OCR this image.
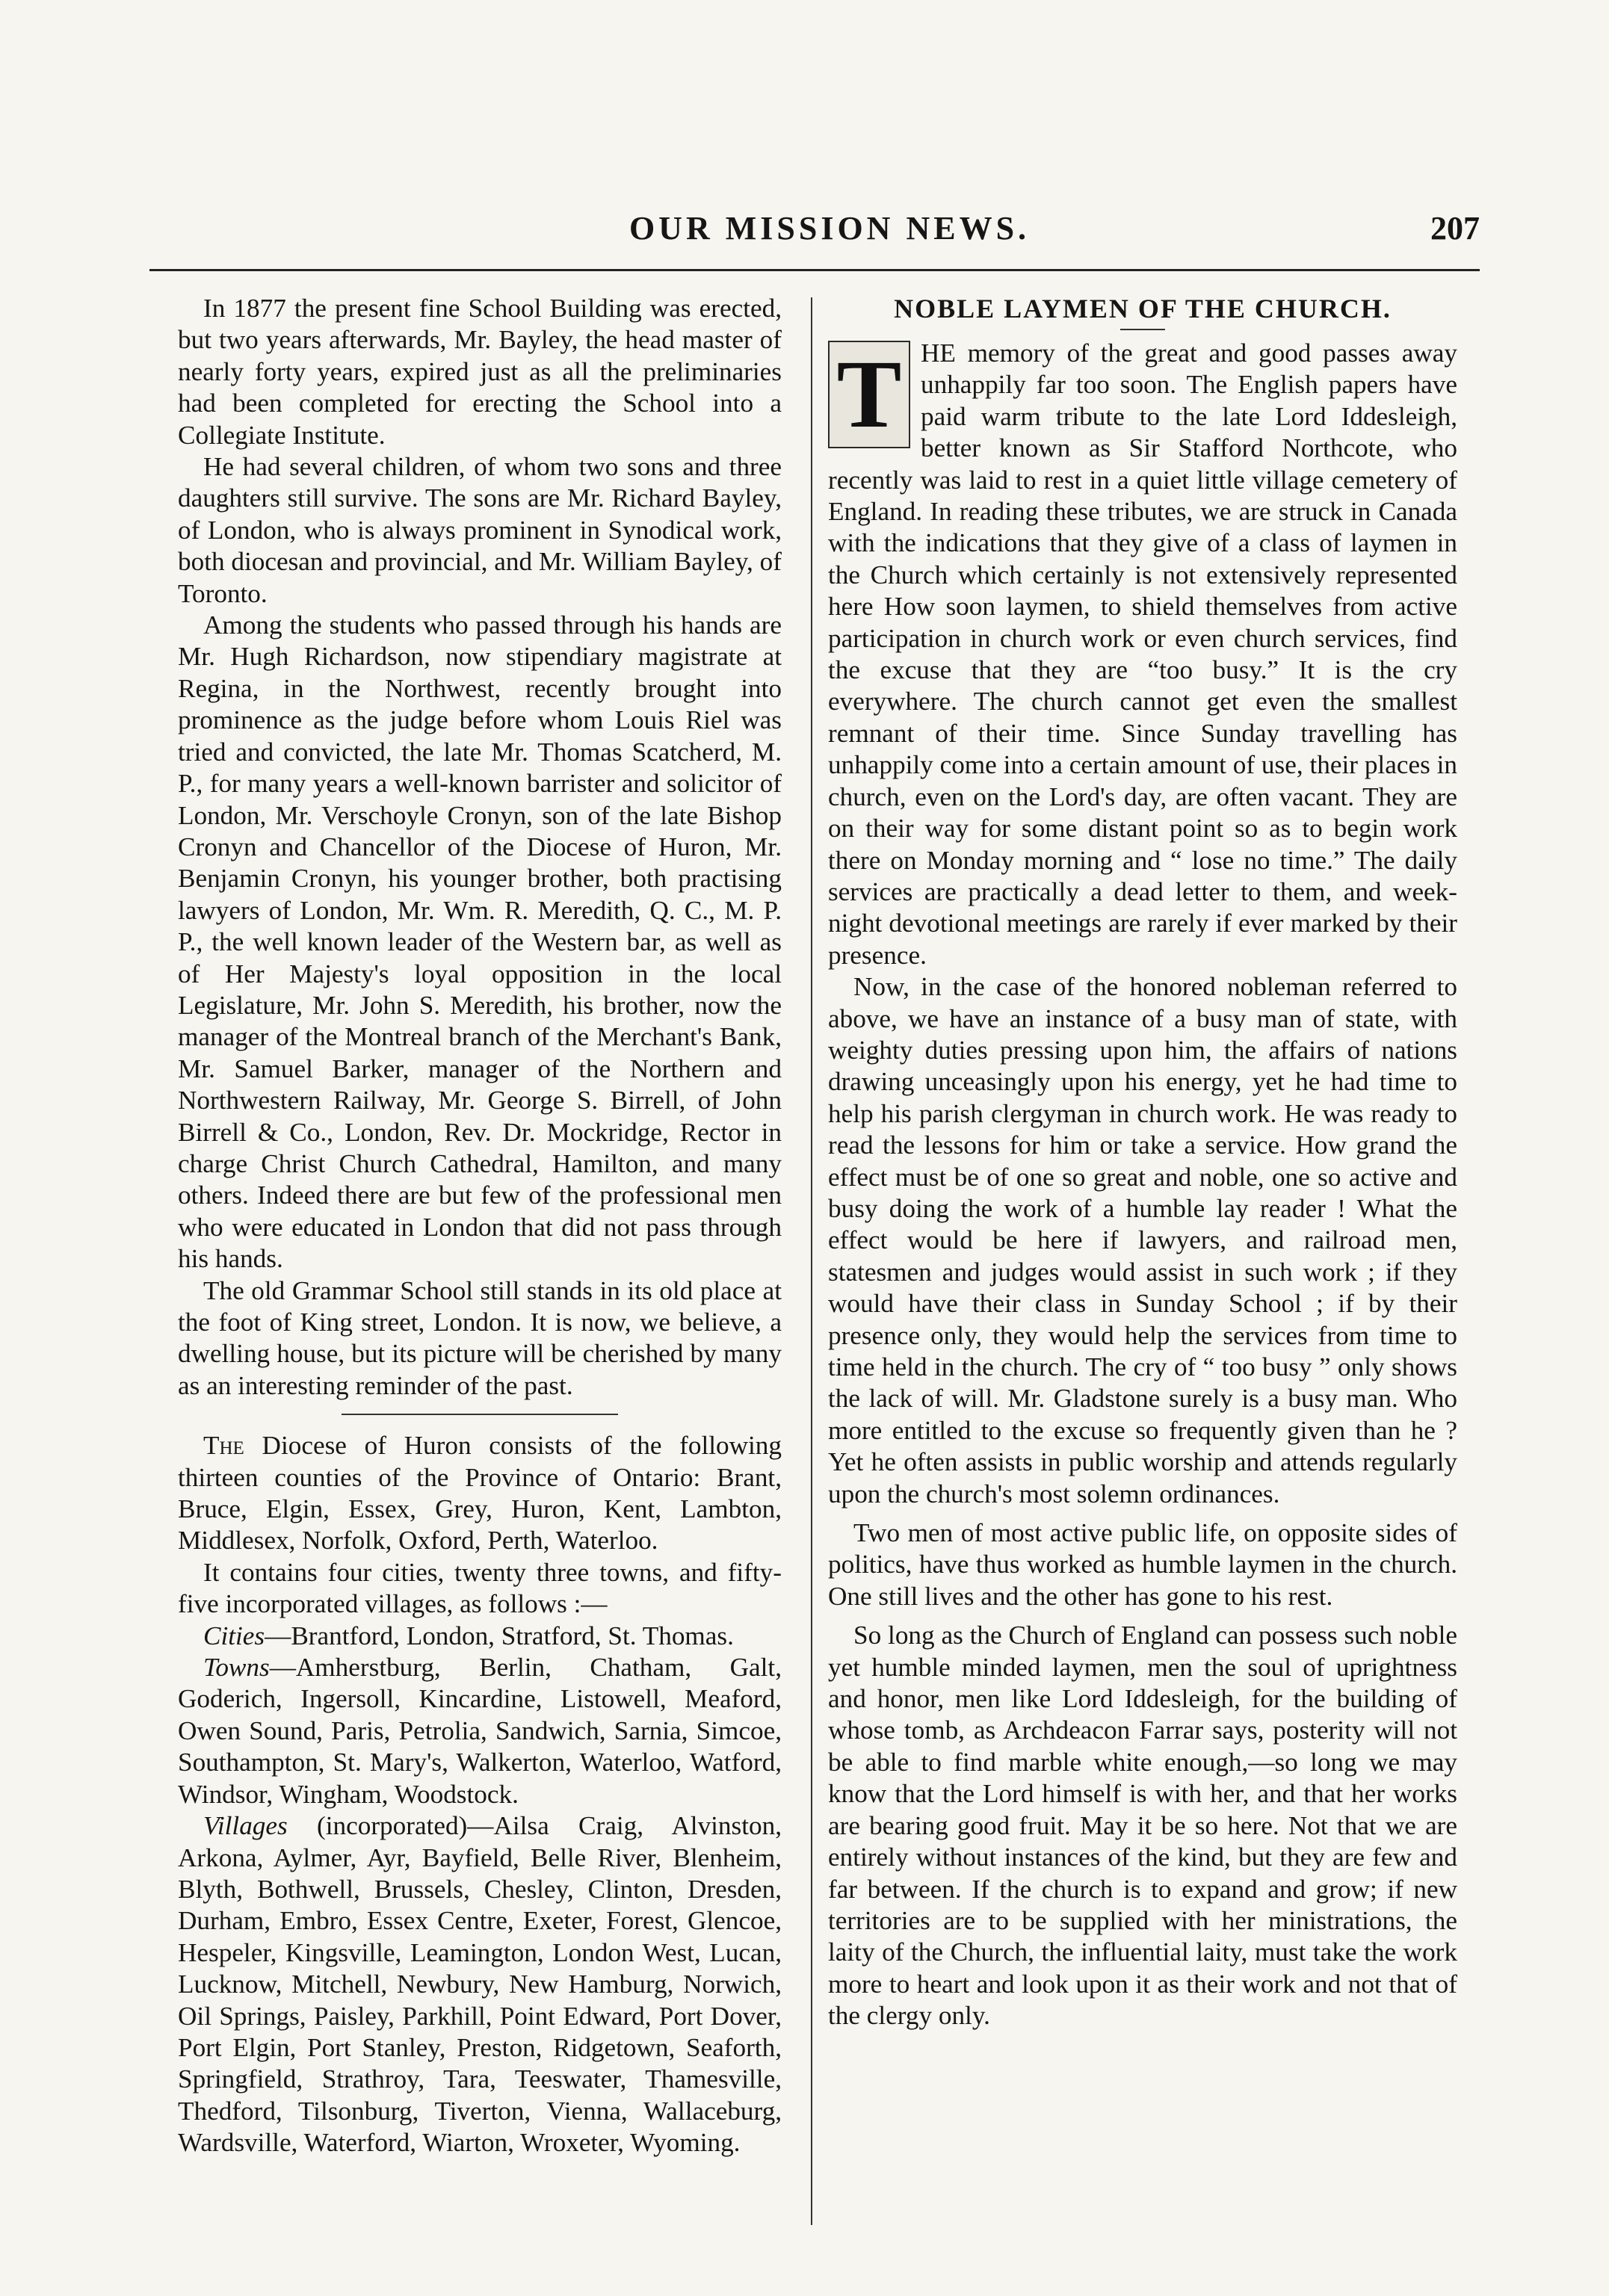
OUR MISSION NEWS.	207

In 1877 the present fine School Building was erected, but two years afterwards, Mr. Bayley, the head master of nearly forty years, expired just as all the preliminaries had been completed for erecting the School into a Collegiate Institute.

He had several children, of whom two sons and three daughters still survive. The sons are Mr. Richard Bayley, of London, who is always prominent in Synodical work, both diocesan and provincial, and Mr. William Bayley, of Toronto.

Among the students who passed through his hands are Mr. Hugh Richardson, now stipendiary magistrate at Regina, in the Northwest, recently brought into prominence as the judge before whom Louis Riel was tried and convicted, the late Mr. Thomas Scatcherd, M. P., for many years a well-known barrister and solicitor of London, Mr. Verschoyle Cronyn, son of the late Bishop Cronyn and Chancellor of the Diocese of Huron, Mr. Benjamin Cronyn, his younger brother, both practising lawyers of London, Mr. Wm. R. Meredith, Q. C., M. P. P., the well known leader of the Western bar, as well as of Her Majesty's loyal opposition in the local Legislature, Mr. John S. Meredith, his brother, now the manager of the Montreal branch of the Merchant's Bank, Mr. Samuel Barker, manager of the Northern and Northwestern Railway, Mr. George S. Birrell, of John Birrell & Co., London, Rev. Dr. Mockridge, Rector in charge Christ Church Cathedral, Hamilton, and many others. Indeed there are but few of the professional men who were educated in London that did not pass through his hands.

The old Grammar School still stands in its old place at the foot of King street, London. It is now, we believe, a dwelling house, but its picture will be cherished by many as an interesting reminder of the past.

The Diocese of Huron consists of the following thirteen counties of the Province of Ontario: Brant, Bruce, Elgin, Essex, Grey, Huron, Kent, Lambton, Middlesex, Norfolk, Oxford, Perth, Waterloo.

It contains four cities, twenty three towns, and fifty-five incorporated villages, as follows :—

Cities—Brantford, London, Stratford, St. Thomas.

Towns—Amherstburg, Berlin, Chatham, Galt, Goderich, Ingersoll, Kincardine, Listowell, Meaford, Owen Sound, Paris, Petrolia, Sandwich, Sarnia, Simcoe, Southampton, St. Mary's, Walkerton, Waterloo, Watford, Windsor, Wingham, Woodstock.

Villages (incorporated)—Ailsa Craig, Alvinston, Arkona, Aylmer, Ayr, Bayfield, Belle River, Blenheim, Blyth, Bothwell, Brussels, Chesley, Clinton, Dresden, Durham, Embro, Essex Centre, Exeter, Forest, Glencoe, Hespeler, Kingsville, Leamington, London West, Lucan, Lucknow, Mitchell, Newbury, New Hamburg, Norwich, Oil Springs, Paisley, Parkhill, Point Edward, Port Dover, Port Elgin, Port Stanley, Preston, Ridgetown, Seaforth, Springfield, Strathroy, Tara, Teeswater, Thamesville, Thedford, Tilsonburg, Tiverton, Vienna, Wallaceburg, Wardsville, Waterford, Wiarton, Wroxeter, Wyoming.

NOBLE LAYMEN OF THE CHURCH.

T HE memory of the great and good passes away unhappily far too soon. The English papers have paid warm tribute to the late Lord Iddesleigh, better known as Sir Stafford Northcote, who recently was laid to rest in a quiet little village cemetery of England. In reading these tributes, we are struck in Canada with the indications that they give of a class of laymen in the Church which certainly is not extensively represented here How soon laymen, to shield themselves from active participation in church work or even church services, find the excuse that they are “too busy.” It is the cry everywhere. The church cannot get even the smallest remnant of their time. Since Sunday travelling has unhappily come into a certain amount of use, their places in church, even on the Lord's day, are often vacant. They are on their way for some distant point so as to begin work there on Monday morning and “ lose no time.” The daily services are practically a dead letter to them, and week-night devotional meetings are rarely if ever marked by their presence.

Now, in the case of the honored nobleman referred to above, we have an instance of a busy man of state, with weighty duties pressing upon him, the affairs of nations drawing unceasingly upon his energy, yet he had time to help his parish clergyman in church work. He was ready to read the lessons for him or take a service. How grand the effect must be of one so great and noble, one so active and busy doing the work of a humble lay reader ! What the effect would be here if lawyers, and railroad men, statesmen and judges would assist in such work ; if they would have their class in Sunday School ; if by their presence only, they would help the services from time to time held in the church. The cry of “ too busy ” only shows the lack of will. Mr. Gladstone surely is a busy man. Who more entitled to the excuse so frequently given than he ? Yet he often assists in public worship and attends regularly upon the church's most solemn ordinances.

Two men of most active public life, on opposite sides of politics, have thus worked as humble laymen in the church. One still lives and the other has gone to his rest.

So long as the Church of England can possess such noble yet humble minded laymen, men the soul of uprightness and honor, men like Lord Iddesleigh, for the building of whose tomb, as Archdeacon Farrar says, posterity will not be able to find marble white enough,—so long we may know that the Lord himself is with her, and that her works are bearing good fruit. May it be so here. Not that we are entirely without instances of the kind, but they are few and far between. If the church is to expand and grow; if new territories are to be supplied with her ministrations, the laity of the Church, the influential laity, must take the work more to heart and look upon it as their work and not that of the clergy only.
